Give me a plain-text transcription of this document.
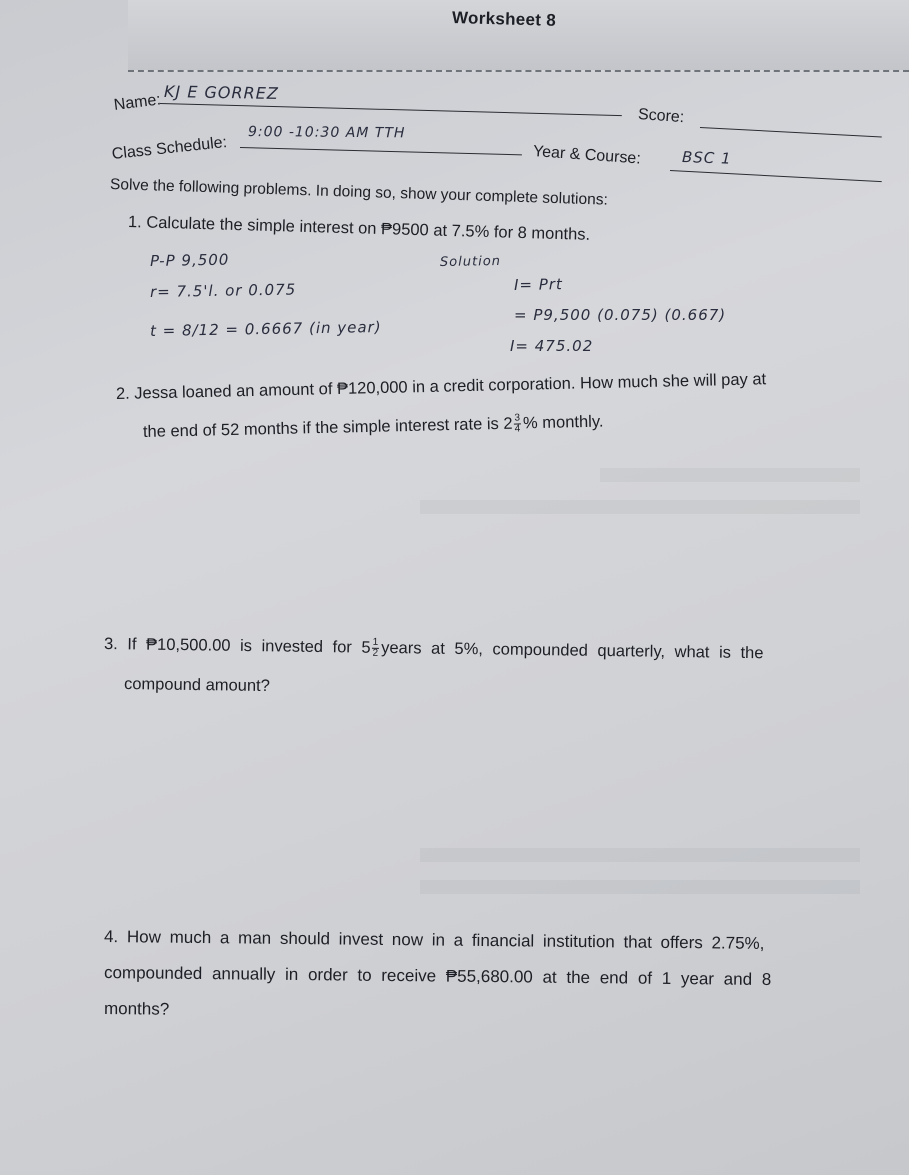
Worksheet 8
Name: KJ E GORREZ
Score:
Class Schedule:
9:00 -10:30 AM TTH
Year & Course:	BSC 1
Solve the following problems. In doing so, show your complete solutions:
1. Calculate the simple interest on ₱9500 at 7.5% for 8 months.
P-P 9,500
r= 7.5'l. or 0.075
t = 8/12 = 0.6667 (in year)
Solution
I= Prt
= P9,500 (0.075) (0.667)
I= 475.02
2. Jessa loaned an amount of ₱120,000 in a credit corporation. How much she will pay at
the end of 52 months if the simple interest rate is $2 \frac{3}{4}$ % monthly.
3. If ₱10,500.00 is invested for $5 \frac{1}{2}$ years at 5%, compounded quarterly, what is the
compound amount?
4. How much a man should invest now in a financial institution that offers 2.75%,
compounded annually in order to receive ₱55,680.00 at the end of 1 year and 8
months?
